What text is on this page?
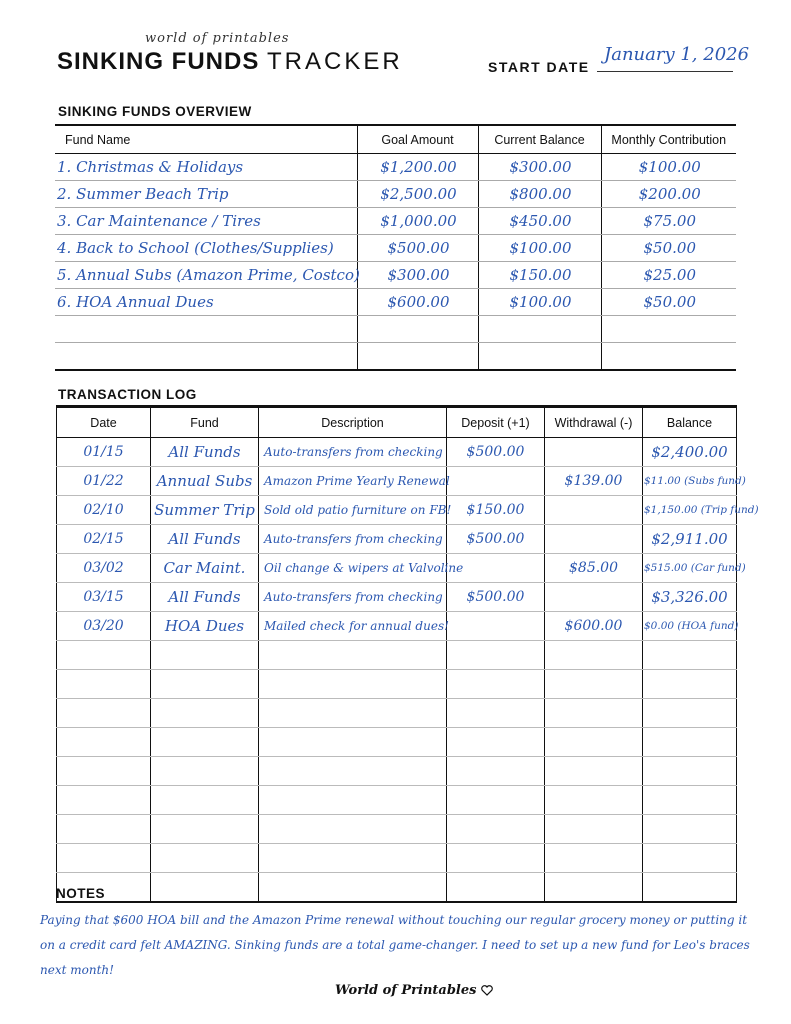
world of printables
SINKING FUNDS TRACKER	START DATE
January 1, 2026
SINKING FUNDS OVERVIEW
Fund Name	Goal Amount	Current Balance	Monthly Contribution
1. Christmas & Holidays	$1,200.00	$300.00	$100.00
2. Summer Beach Trip	$2,500.00	$800.00	$200.00
3. Car Maintenance / Tires	$1,000.00	$450.00	$75.00
4. Back to School (Clothes/Supplies)	$500.00	$100.00	$50.00
5. Annual Subs (Amazon Prime, Costco)	$300.00	$150.00	$25.00
6. HOA Annual Dues	$600.00	$100.00	$50.00

TRANSACTION LOG
Date	Fund	Description	Deposit (+1)	Withdrawal (-)	Balance
01/15	All Funds	Auto-transfers from checking	$500.00		$2,400.00
01/22	Annual Subs	Amazon Prime Yearly Renewal		$139.00	$11.00 (Subs fund)
02/10	Summer Trip	Sold old patio furniture on FB!	$150.00		$1,150.00 (Trip fund)
02/15	All Funds	Auto-transfers from checking	$500.00		$2,911.00
03/02	Car Maint.	Oil change & wipers at Valvoline		$85.00	$515.00 (Car fund)
03/15	All Funds	Auto-transfers from checking	$500.00		$3,326.00
03/20	HOA Dues	Mailed check for annual dues!		$600.00	$0.00 (HOA fund)

NOTES
Paying that $600 HOA bill and the Amazon Prime renewal without touching our regular grocery money or putting it on a credit card felt AMAZING. Sinking funds are a total game-changer. I need to set up a new fund for Leo's braces next month!
World of Printables
